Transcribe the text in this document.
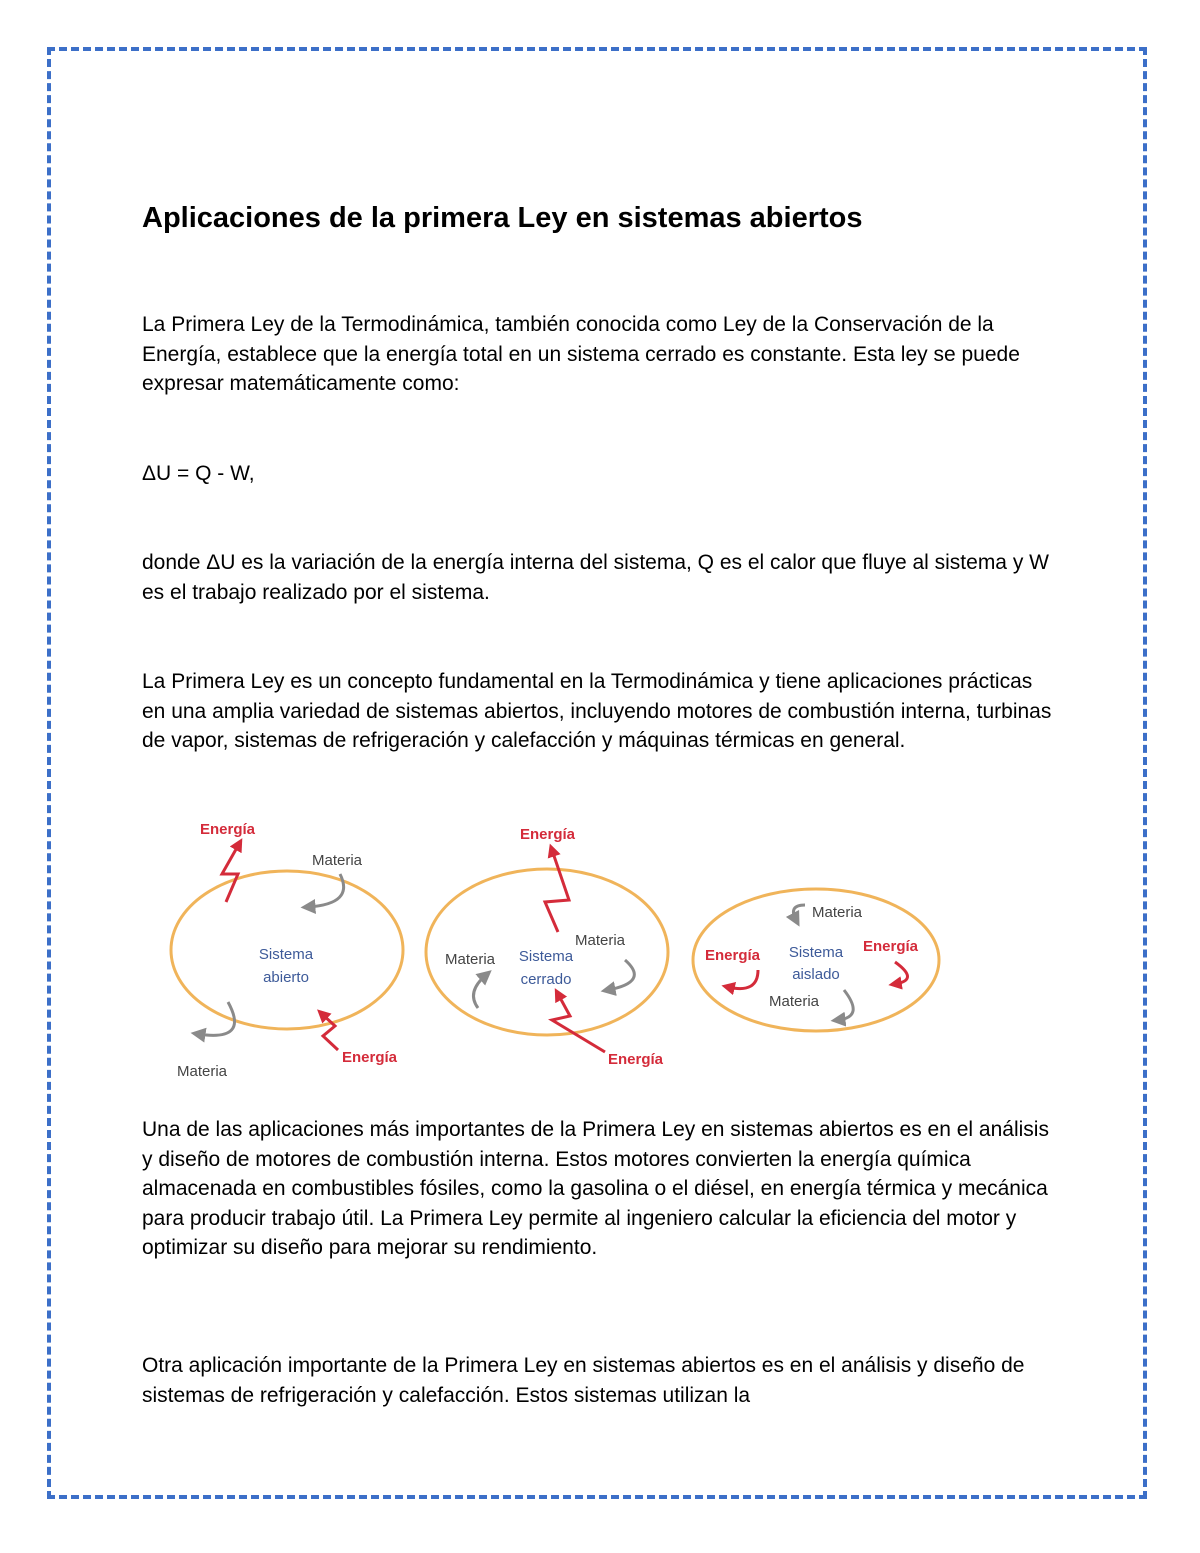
Aplicaciones de la primera Ley en sistemas abiertos

La Primera Ley de la Termodinámica, también conocida como Ley de la Conservación de la Energía, establece que la energía total en un sistema cerrado es constante. Esta ley se puede expresar matemáticamente como:

ΔU = Q - W,

donde ΔU es la variación de la energía interna del sistema, Q es el calor que fluye al sistema y W es el trabajo realizado por el sistema.

La Primera Ley es un concepto fundamental en la Termodinámica y tiene aplicaciones prácticas en una amplia variedad de sistemas abiertos, incluyendo motores de combustión interna, turbinas de vapor, sistemas de refrigeración y calefacción y máquinas térmicas en general.

Sistema
abierto
Energía
Materia
Energía
Materia
Sistema
cerrado
Energía
Materia
Materia
Energía
Sistema
aislado
Materia
Energía
Energía
Materia

Una de las aplicaciones más importantes de la Primera Ley en sistemas abiertos es en el análisis y diseño de motores de combustión interna. Estos motores convierten la energía química almacenada en combustibles fósiles, como la gasolina o el diésel, en energía térmica y mecánica para producir trabajo útil. La Primera Ley permite al ingeniero calcular la eficiencia del motor y optimizar su diseño para mejorar su rendimiento.

Otra aplicación importante de la Primera Ley en sistemas abiertos es en el análisis y diseño de sistemas de refrigeración y calefacción. Estos sistemas utilizan la
